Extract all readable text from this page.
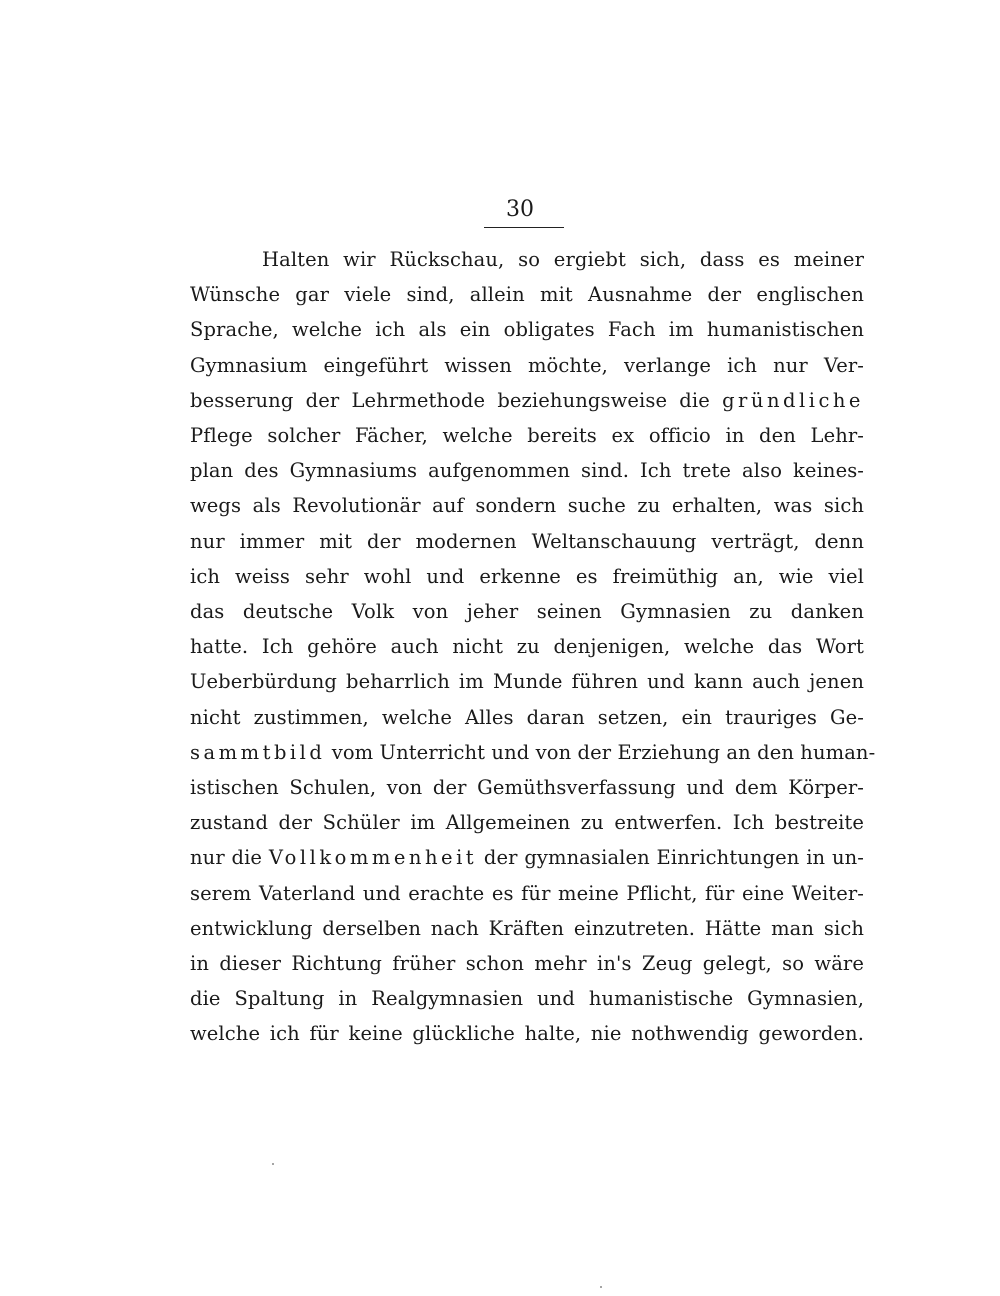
30
Halten wir Rückschau, so ergiebt sich, dass es meiner
Wünsche gar viele sind, allein mit Ausnahme der englischen
Sprache, welche ich als ein obligates Fach im humanistischen
Gymnasium eingeführt wissen möchte, verlange ich nur Ver-
besserung der Lehrmethode beziehungsweise die gründliche
Pflege solcher Fächer, welche bereits ex officio in den Lehr-
plan des Gymnasiums aufgenommen sind. Ich trete also keines-
wegs als Revolutionär auf sondern suche zu erhalten, was sich
nur immer mit der modernen Weltanschauung verträgt, denn
ich weiss sehr wohl und erkenne es freimüthig an, wie viel
das deutsche Volk von jeher seinen Gymnasien zu danken
hatte. Ich gehöre auch nicht zu denjenigen, welche das Wort
Ueberbürdung beharrlich im Munde führen und kann auch jenen
nicht zustimmen, welche Alles daran setzen, ein trauriges Ge-
sammtbild vom Unterricht und von der Erziehung an den human-
istischen Schulen, von der Gemüthsverfassung und dem Körper-
zustand der Schüler im Allgemeinen zu entwerfen. Ich bestreite
nur die Vollkommenheit der gymnasialen Einrichtungen in un-
serem Vaterland und erachte es für meine Pflicht, für eine Weiter-
entwicklung derselben nach Kräften einzutreten. Hätte man sich
in dieser Richtung früher schon mehr in's Zeug gelegt, so wäre
die Spaltung in Realgymnasien und humanistische Gymnasien,
welche ich für keine glückliche halte, nie nothwendig geworden.
